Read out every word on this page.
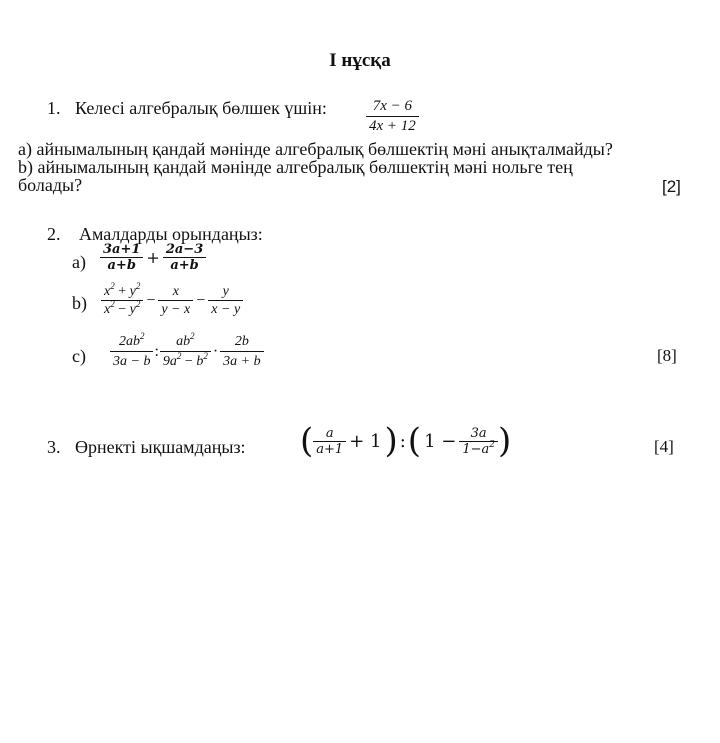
І нұсқа
1. Келесі алгебралық бөлшек үшін:	$\frac{7x - 6}{4x + 12}$
a) айнымалының қандай мәнінде алгебралық бөлшектің мәні анықталмайды?
b) айнымалының қандай мәнінде алгебралық бөлшектің мәні нольге тең
болады?	[2]
2. Амалдарды орындаңыз:
$a) \frac{3a+1}{a+b} + \frac{2a-3}{a+b}$
$b) \frac{x^2 + y^2}{x^2 - y^2} - \frac{x}{y - x} - \frac{y}{x - y}$
$c) \frac{2ab^2}{3a - b}$ : $\frac{ab^2}{9a^2 - b^2} \cdot \frac{2b}{3a + b}$	[8]
3. Өрнекті ықшамдаңыз: ( $\frac{a}{a+1} + 1$) :( $1 - \frac{3a}{1-a^2}$ )	[4]
